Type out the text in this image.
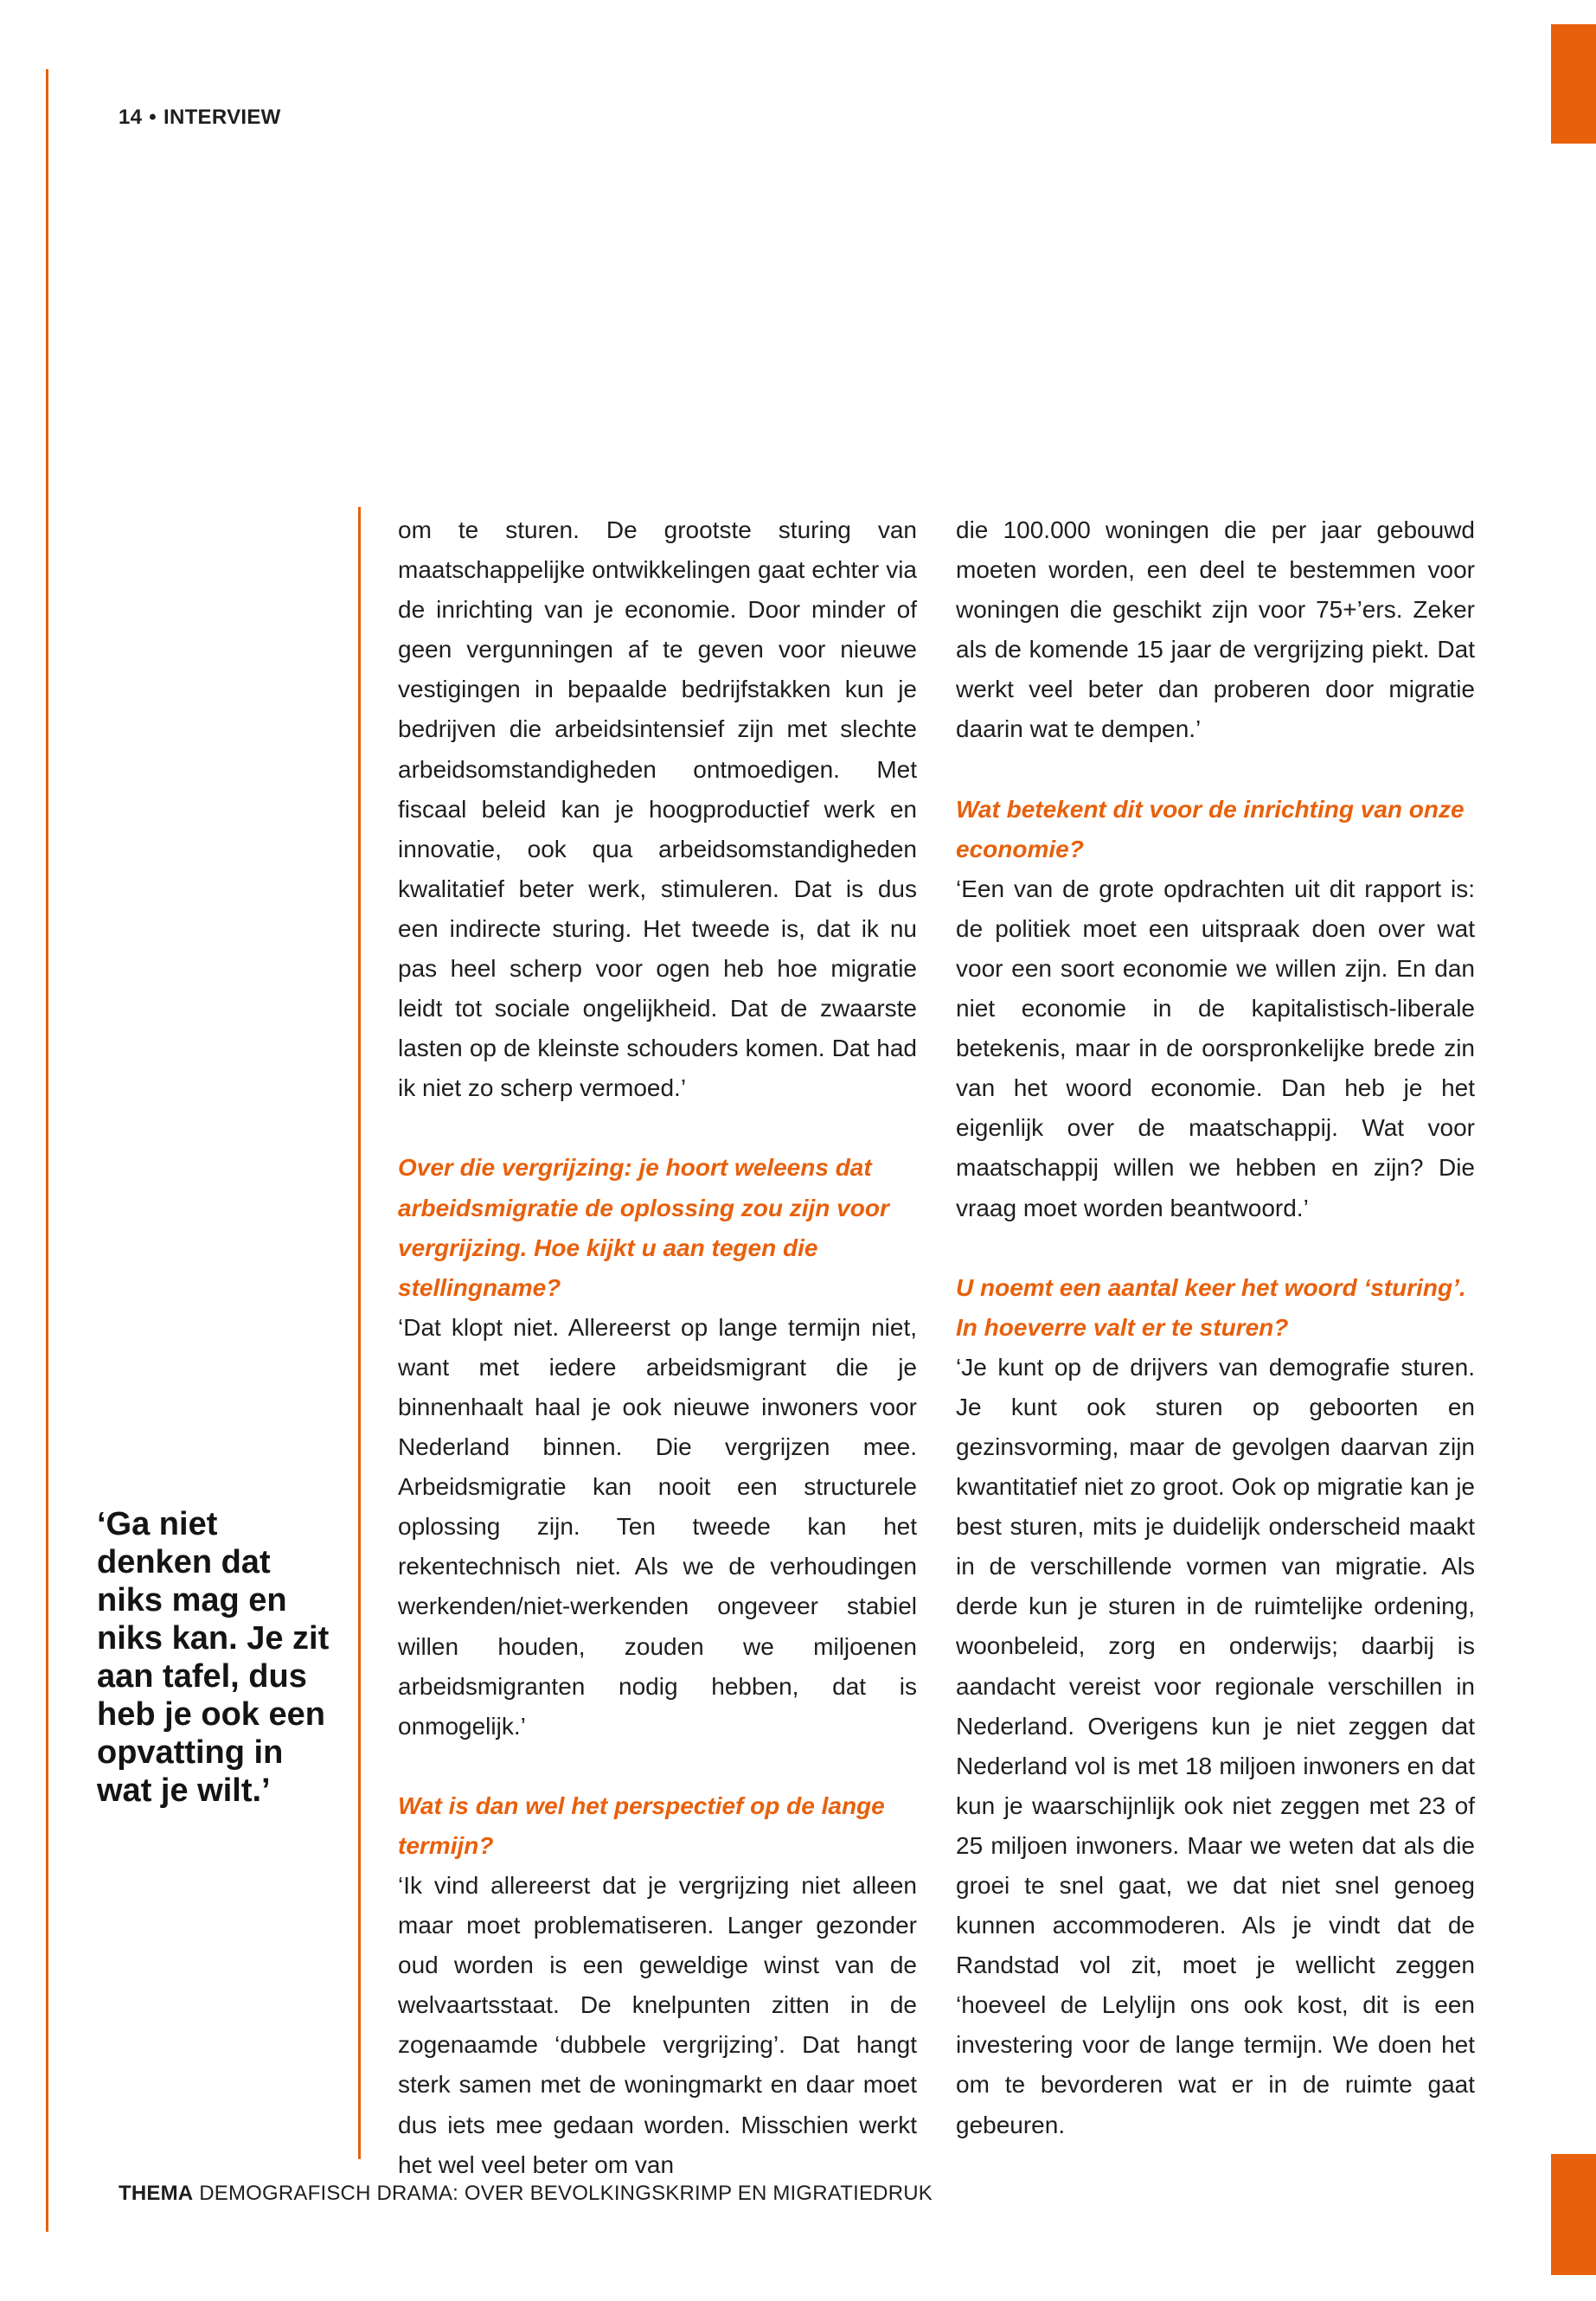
14 • INTERVIEW
‘Ga niet denken dat niks mag en niks kan. Je zit aan tafel, dus heb je ook een opvatting in wat je wilt.’

om te sturen. De grootste sturing van maatschappelijke ontwikkelingen gaat echter via de inrichting van je economie. Door minder of geen vergunningen af te geven voor nieuwe vestigingen in bepaalde bedrijfstakken kun je bedrijven die arbeidsintensief zijn met slechte arbeidsomstandigheden ontmoedigen. Met fiscaal beleid kan je hoogproductief werk en innovatie, ook qua arbeidsomstandigheden kwalitatief beter werk, stimuleren. Dat is dus een indirecte sturing. Het tweede is, dat ik nu pas heel scherp voor ogen heb hoe migratie leidt tot sociale ongelijkheid. Dat de zwaarste lasten op de kleinste schouders komen. Dat had ik niet zo scherp vermoed.’

Over die vergrijzing: je hoort weleens dat arbeidsmigratie de oplossing zou zijn voor vergrijzing. Hoe kijkt u aan tegen die stellingname?

‘Dat klopt niet. Allereerst op lange termijn niet, want met iedere arbeidsmigrant die je binnenhaalt haal je ook nieuwe inwoners voor Nederland binnen. Die vergrijzen mee. Arbeidsmigratie kan nooit een structurele oplossing zijn. Ten tweede kan het rekentechnisch niet. Als we de verhoudingen werkenden/niet-werkenden ongeveer stabiel willen houden, zouden we miljoenen arbeidsmigranten nodig hebben, dat is onmogelijk.’

Wat is dan wel het perspectief op de lange termijn?

‘Ik vind allereerst dat je vergrijzing niet alleen maar moet problematiseren. Langer gezonder oud worden is een geweldige winst van de welvaartsstaat. De knelpunten zitten in de zogenaamde ‘dubbele vergrijzing’. Dat hangt sterk samen met de woningmarkt en daar moet dus iets mee gedaan worden. Misschien werkt het wel veel beter om van

die 100.000 woningen die per jaar gebouwd moeten worden, een deel te bestemmen voor woningen die geschikt zijn voor 75+’ers. Zeker als de komende 15 jaar de vergrijzing piekt. Dat werkt veel beter dan proberen door migratie daarin wat te dempen.’

Wat betekent dit voor de inrichting van onze economie?

‘Een van de grote opdrachten uit dit rapport is: de politiek moet een uitspraak doen over wat voor een soort economie we willen zijn. En dan niet economie in de kapitalistisch-liberale betekenis, maar in de oorspronkelijke brede zin van het woord economie. Dan heb je het eigenlijk over de maatschappij. Wat voor maatschappij willen we hebben en zijn? Die vraag moet worden beantwoord.’

U noemt een aantal keer het woord ‘sturing’. In hoeverre valt er te sturen?

‘Je kunt op de drijvers van demografie sturen. Je kunt ook sturen op geboorten en gezinsvorming, maar de gevolgen daarvan zijn kwantitatief niet zo groot. Ook op migratie kan je best sturen, mits je duidelijk onderscheid maakt in de verschillende vormen van migratie. Als derde kun je sturen in de ruimtelijke ordening, woonbeleid, zorg en onderwijs; daarbij is aandacht vereist voor regionale verschillen in Nederland. Overigens kun je niet zeggen dat Nederland vol is met 18 miljoen inwoners en dat kun je waarschijnlijk ook niet zeggen met 23 of 25 miljoen inwoners. Maar we weten dat als die groei te snel gaat, we dat niet snel genoeg kunnen accommoderen. Als je vindt dat de Randstad vol zit, moet je wellicht zeggen ‘hoeveel de Lelylijn ons ook kost, dit is een investering voor de lange termijn. We doen het om te bevorderen wat er in de ruimte gaat gebeuren.

THEMA DEMOGRAFISCH DRAMA: OVER BEVOLKINGSKRIMP EN MIGRATIEDRUK
